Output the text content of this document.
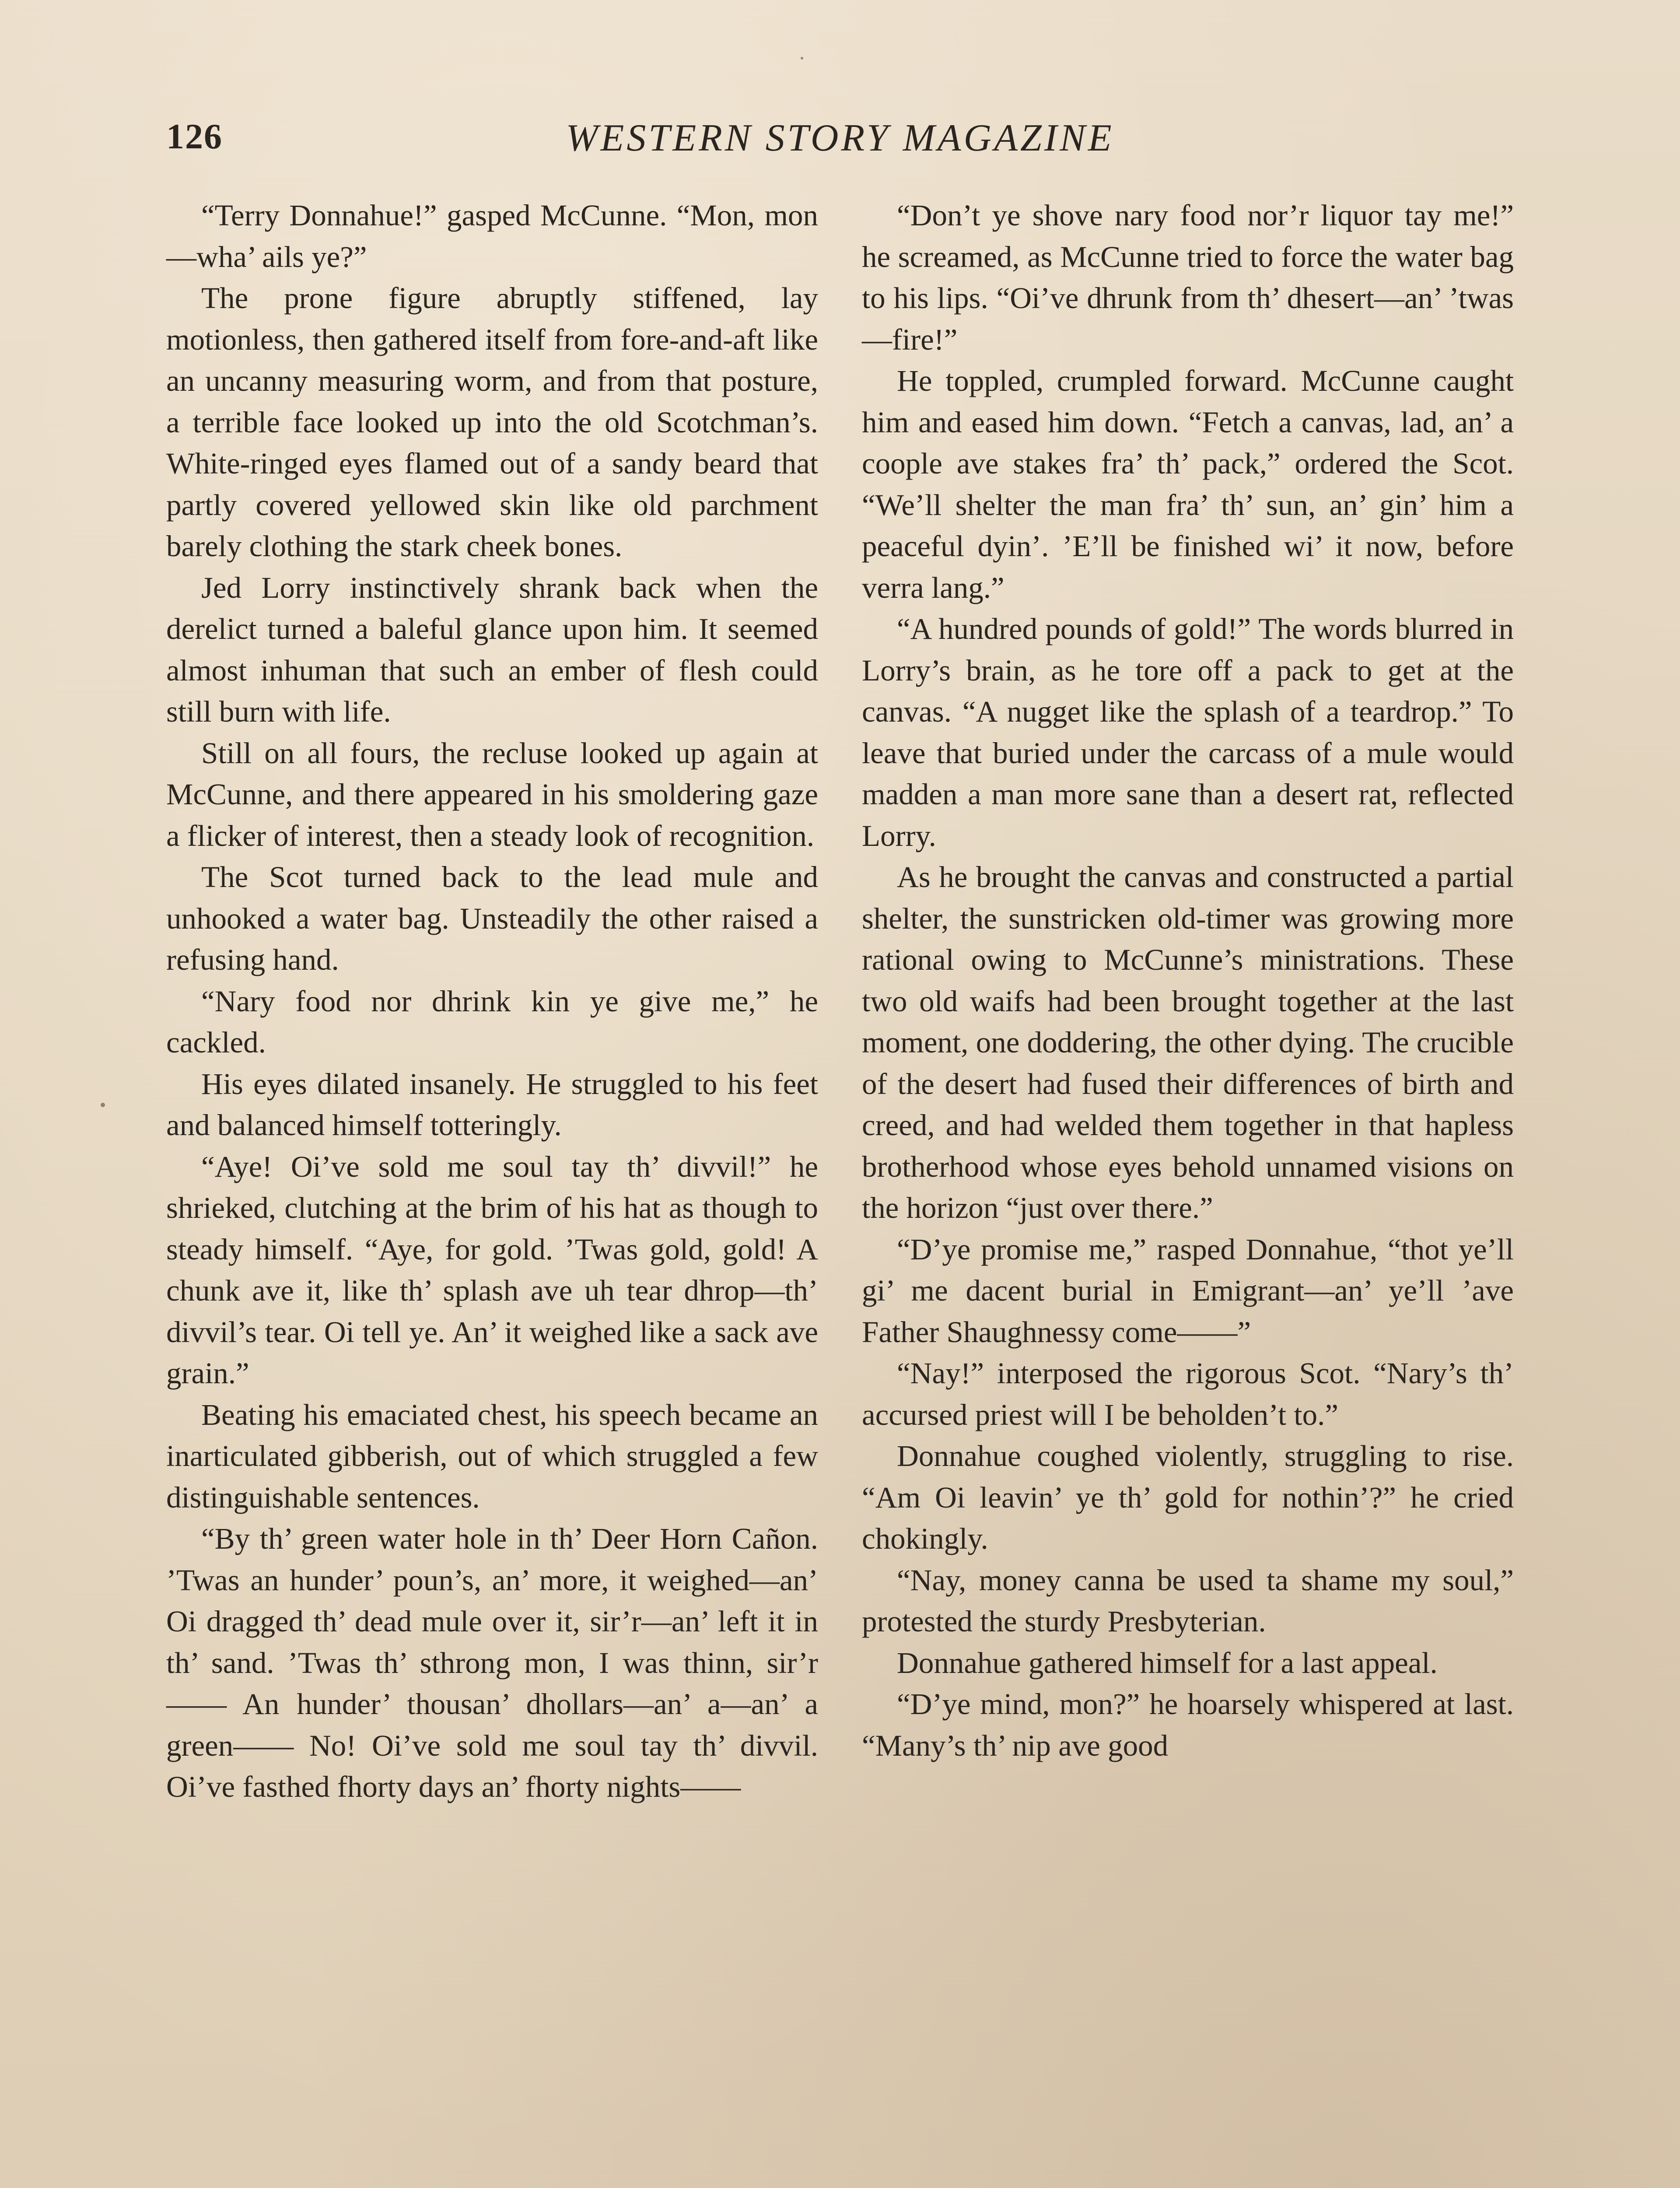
126	WESTERN STORY MAGAZINE

“Terry Donnahue!” gasped McCunne. “Mon, mon—wha’ ails ye?”

The prone figure abruptly stiffened, lay motionless, then gathered itself from fore-and-aft like an uncanny measuring worm, and from that posture, a terrible face looked up into the old Scotchman’s. White-ringed eyes flamed out of a sandy beard that partly covered yellowed skin like old parchment barely clothing the stark cheek bones.

Jed Lorry instinctively shrank back when the derelict turned a baleful glance upon him. It seemed almost inhuman that such an ember of flesh could still burn with life.

Still on all fours, the recluse looked up again at McCunne, and there appeared in his smoldering gaze a flicker of interest, then a steady look of recognition.

The Scot turned back to the lead mule and unhooked a water bag. Unsteadily the other raised a refusing hand.

“Nary food nor dhrink kin ye give me,” he cackled.

His eyes dilated insanely. He struggled to his feet and balanced himself totteringly.

“Aye! Oi’ve sold me soul tay th’ divvil!” he shrieked, clutching at the brim of his hat as though to steady himself. “Aye, for gold. ’Twas gold, gold! A chunk ave it, like th’ splash ave uh tear dhrop—th’ divvil’s tear. Oi tell ye. An’ it weighed like a sack ave grain.”

Beating his emaciated chest, his speech became an inarticulated gibberish, out of which struggled a few distinguishable sentences.

“By th’ green water hole in th’ Deer Horn Cañon. ’Twas an hunder’ poun’s, an’ more, it weighed—an’ Oi dragged th’ dead mule over it, sir’r—an’ left it in th’ sand. ’Twas th’ sthrong mon, I was thinn, sir’r—— An hunder’ thousan’ dhollars—an’ a—an’ a green—— No! Oi’ve sold me soul tay th’ divvil. Oi’ve fasthed fhorty days an’ fhorty nights——

“Don’t ye shove nary food nor’r liquor tay me!” he screamed, as McCunne tried to force the water bag to his lips. “Oi’ve dhrunk from th’ dhesert—an’ ’twas—fire!”

He toppled, crumpled forward. McCunne caught him and eased him down. “Fetch a canvas, lad, an’ a coople ave stakes fra’ th’ pack,” ordered the Scot. “We’ll shelter the man fra’ th’ sun, an’ gin’ him a peaceful dyin’. ’E’ll be finished wi’ it now, before verra lang.”

“A hundred pounds of gold!” The words blurred in Lorry’s brain, as he tore off a pack to get at the canvas. “A nugget like the splash of a teardrop.” To leave that buried under the carcass of a mule would madden a man more sane than a desert rat, reflected Lorry.

As he brought the canvas and constructed a partial shelter, the sunstricken old-timer was growing more rational owing to McCunne’s ministrations. These two old waifs had been brought together at the last moment, one doddering, the other dying. The crucible of the desert had fused their differences of birth and creed, and had welded them together in that hapless brotherhood whose eyes behold unnamed visions on the horizon “just over there.”

“D’ye promise me,” rasped Donnahue, “thot ye’ll gi’ me dacent burial in Emigrant—an’ ye’ll ’ave Father Shaughnessy come——”

“Nay!” interposed the rigorous Scot. “Nary’s th’ accursed priest will I be beholden’t to.”

Donnahue coughed violently, struggling to rise. “Am Oi leavin’ ye th’ gold for nothin’?” he cried chokingly.

“Nay, money canna be used ta shame my soul,” protested the sturdy Presbyterian.

Donnahue gathered himself for a last appeal.

“D’ye mind, mon?” he hoarsely whispered at last. “Many’s th’ nip ave good
